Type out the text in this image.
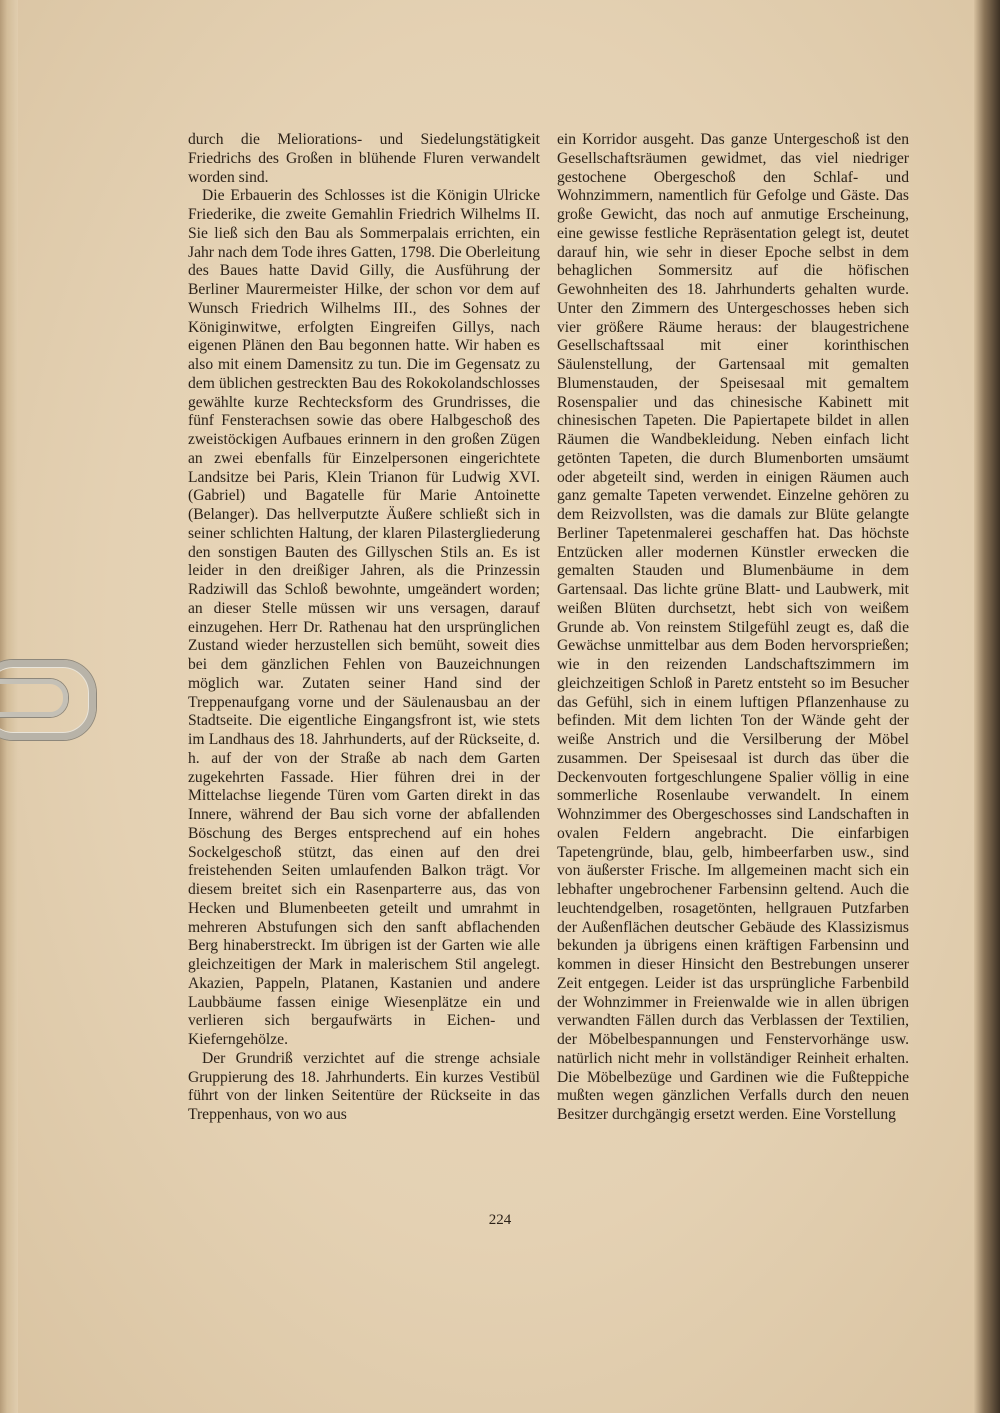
durch die Meliorations- und Siedelungstätigkeit Friedrichs des Großen in blühende Fluren verwandelt worden sind.

Die Erbauerin des Schlosses ist die Königin Ulricke Friederike, die zweite Gemahlin Friedrich Wilhelms II. Sie ließ sich den Bau als Sommerpalais errichten, ein Jahr nach dem Tode ihres Gatten, 1798. Die Oberleitung des Baues hatte David Gilly, die Ausführung der Berliner Maurermeister Hilke, der schon vor dem auf Wunsch Friedrich Wilhelms III., des Sohnes der Königinwitwe, erfolgten Eingreifen Gillys, nach eigenen Plänen den Bau begonnen hatte. Wir haben es also mit einem Damensitz zu tun. Die im Gegensatz zu dem üblichen gestreckten Bau des Rokokolandschlosses gewählte kurze Rechtecksform des Grundrisses, die fünf Fensterachsen sowie das obere Halbgeschoß des zweistöckigen Aufbaues erinnern in den großen Zügen an zwei ebenfalls für Einzelpersonen eingerichtete Landsitze bei Paris, Klein Trianon für Ludwig XVI. (Gabriel) und Bagatelle für Marie Antoinette (Belanger). Das hellverputzte Äußere schließt sich in seiner schlichten Haltung, der klaren Pilastergliederung den sonstigen Bauten des Gillyschen Stils an. Es ist leider in den dreißiger Jahren, als die Prinzessin Radziwill das Schloß bewohnte, umgeändert worden; an dieser Stelle müssen wir uns versagen, darauf einzugehen. Herr Dr. Rathenau hat den ursprünglichen Zustand wieder herzustellen sich bemüht, soweit dies bei dem gänzlichen Fehlen von Bauzeichnungen möglich war. Zutaten seiner Hand sind der Treppenaufgang vorne und der Säulenausbau an der Stadtseite. Die eigentliche Eingangsfront ist, wie stets im Landhaus des 18. Jahrhunderts, auf der Rückseite, d. h. auf der von der Straße ab nach dem Garten zugekehrten Fassade. Hier führen drei in der Mittelachse liegende Türen vom Garten direkt in das Innere, während der Bau sich vorne der abfallenden Böschung des Berges entsprechend auf ein hohes Sockelgeschoß stützt, das einen auf den drei freistehenden Seiten umlaufenden Balkon trägt. Vor diesem breitet sich ein Rasenparterre aus, das von Hecken und Blumenbeeten geteilt und umrahmt in mehreren Abstufungen sich den sanft abflachenden Berg hinaberstreckt. Im übrigen ist der Garten wie alle gleichzeitigen der Mark in malerischem Stil angelegt. Akazien, Pappeln, Platanen, Kastanien und andere Laubbäume fassen einige Wiesenplätze ein und verlieren sich bergaufwärts in Eichen- und Kieferngehölze.

Der Grundriß verzichtet auf die strenge achsiale Gruppierung des 18. Jahrhunderts. Ein kurzes Vestibül führt von der linken Seitentüre der Rückseite in das Treppenhaus, von wo aus

ein Korridor ausgeht. Das ganze Untergeschoß ist den Gesellschaftsräumen gewidmet, das viel niedriger gestochene Obergeschoß den Schlaf- und Wohnzimmern, namentlich für Gefolge und Gäste. Das große Gewicht, das noch auf anmutige Erscheinung, eine gewisse festliche Repräsentation gelegt ist, deutet darauf hin, wie sehr in dieser Epoche selbst in dem behaglichen Sommersitz auf die höfischen Gewohnheiten des 18. Jahrhunderts gehalten wurde. Unter den Zimmern des Untergeschosses heben sich vier größere Räume heraus: der blaugestrichene Gesellschaftssaal mit einer korinthischen Säulenstellung, der Gartensaal mit gemalten Blumenstauden, der Speisesaal mit gemaltem Rosenspalier und das chinesische Kabinett mit chinesischen Tapeten. Die Papiertapete bildet in allen Räumen die Wandbekleidung. Neben einfach licht getönten Tapeten, die durch Blumenborten umsäumt oder abgeteilt sind, werden in einigen Räumen auch ganz gemalte Tapeten verwendet. Einzelne gehören zu dem Reizvollsten, was die damals zur Blüte gelangte Berliner Tapetenmalerei geschaffen hat. Das höchste Entzücken aller modernen Künstler erwecken die gemalten Stauden und Blumenbäume in dem Gartensaal. Das lichte grüne Blatt- und Laubwerk, mit weißen Blüten durchsetzt, hebt sich von weißem Grunde ab. Von reinstem Stilgefühl zeugt es, daß die Gewächse unmittelbar aus dem Boden hervorsprießen; wie in den reizenden Landschaftszimmern im gleichzeitigen Schloß in Paretz entsteht so im Besucher das Gefühl, sich in einem luftigen Pflanzenhause zu befinden. Mit dem lichten Ton der Wände geht der weiße Anstrich und die Versilberung der Möbel zusammen. Der Speisesaal ist durch das über die Deckenvouten fortgeschlungene Spalier völlig in eine sommerliche Rosenlaube verwandelt. In einem Wohnzimmer des Obergeschosses sind Landschaften in ovalen Feldern angebracht. Die einfarbigen Tapetengründe, blau, gelb, himbeerfarben usw., sind von äußerster Frische. Im allgemeinen macht sich ein lebhafter ungebrochener Farbensinn geltend. Auch die leuchtendgelben, rosagetönten, hellgrauen Putzfarben der Außenflächen deutscher Gebäude des Klassizismus bekunden ja übrigens einen kräftigen Farbensinn und kommen in dieser Hinsicht den Bestrebungen unserer Zeit entgegen. Leider ist das ursprüngliche Farbenbild der Wohnzimmer in Freienwalde wie in allen übrigen verwandten Fällen durch das Verblassen der Textilien, der Möbelbespannungen und Fenstervorhänge usw. natürlich nicht mehr in vollständiger Reinheit erhalten. Die Möbelbezüge und Gardinen wie die Fußteppiche mußten wegen gänzlichen Verfalls durch den neuen Besitzer durchgängig ersetzt werden. Eine Vorstellung

224
